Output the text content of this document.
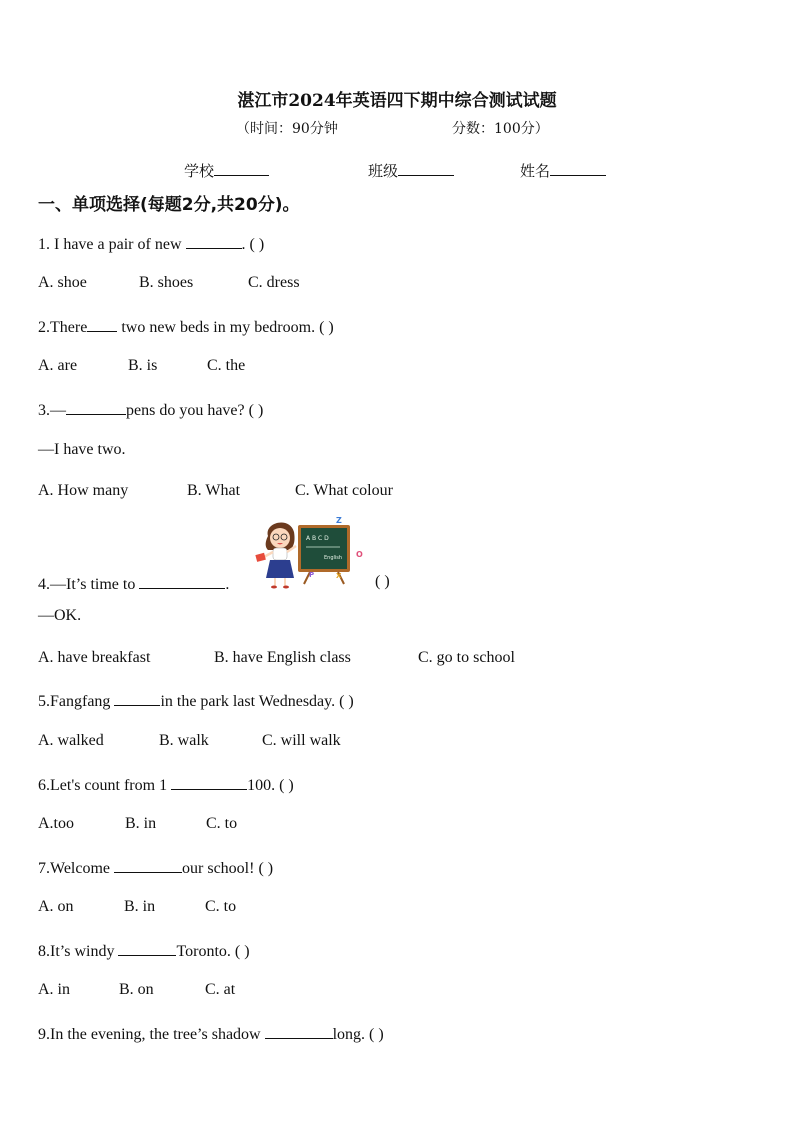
湛江市2024年英语四下期中综合测试试题
（时间：90分钟	分数：100分）
学校	班级	姓名
一、单项选择(每题2分,共20分)。
1. I have a pair of new	. ( )
A. shoe	B. shoes	C. dress
2.There two new beds in my bedroom. ( )
A. are	B. is	C. the
3.—	pens do you have? ( )
—I have two.
A. How many	B. What	C. What colour
A B C D
English
Z
O
P	X
4.—It’s time to	.	( )
—OK.
A. have breakfast	B. have English class	C. go to school
5.Fangfang	in the park last Wednesday. ( )
A. walked	B. walk	C. will walk
6.Let's count from 1	100. ( )
A.too	B. in	C. to
7.Welcome	our school! ( )
A. on	B. in	C. to
8.It’s windy	Toronto. ( )
A. in	B. on	C. at
9.In the evening, the tree’s shadow	long. ( )
